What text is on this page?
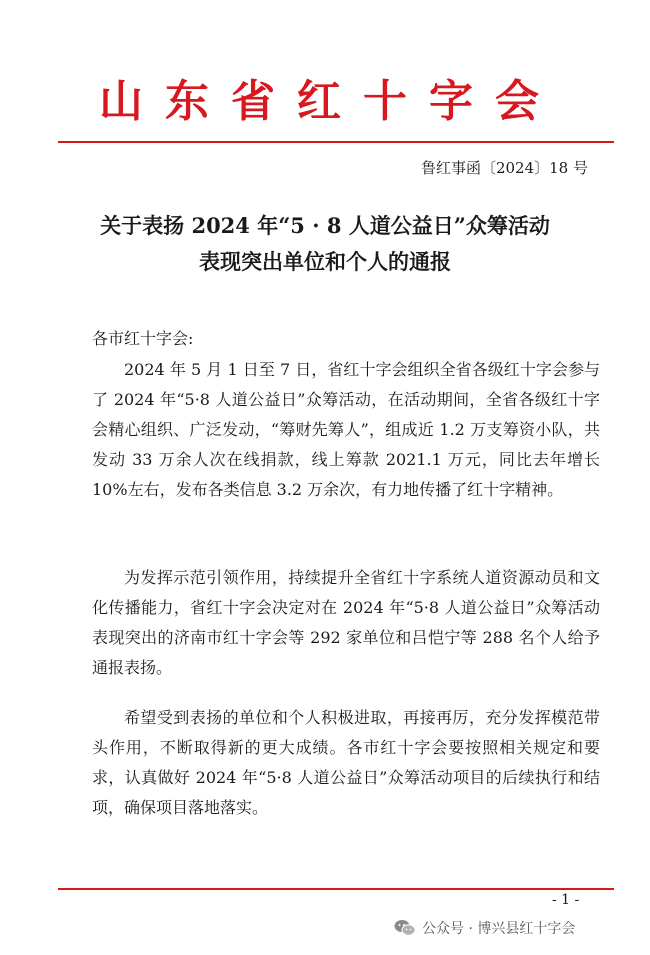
山东省红十字会
鲁红事函〔2024〕18 号
关于表扬 2024 年“5 · 8 人道公益日”众筹活动
表现突出单位和个人的通报
各市红十字会:
2024 年 5 月 1 日至 7 日，省红十字会组织全省各级红十字会参与了 2024 年“5·8 人道公益日”众筹活动，在活动期间，全省各级红十字会精心组织、广泛发动，“筹财先筹人”，组成近 1.2 万支筹资小队，共发动 33 万余人次在线捐款，线上筹款 2021.1 万元，同比去年增长 10%左右，发布各类信息 3.2 万余次，有力地传播了红十字精神。
为发挥示范引领作用，持续提升全省红十字系统人道资源动员和文化传播能力，省红十字会决定对在 2024 年“5·8 人道公益日”众筹活动表现突出的济南市红十字会等 292 家单位和吕恺宁等 288 名个人给予通报表扬。
希望受到表扬的单位和个人积极进取，再接再厉，充分发挥模范带头作用，不断取得新的更大成绩。各市红十字会要按照相关规定和要求，认真做好 2024 年“5·8 人道公益日”众筹活动项目的后续执行和结项，确保项目落地落实。
- 1 -
公众号 · 博兴县红十字会
